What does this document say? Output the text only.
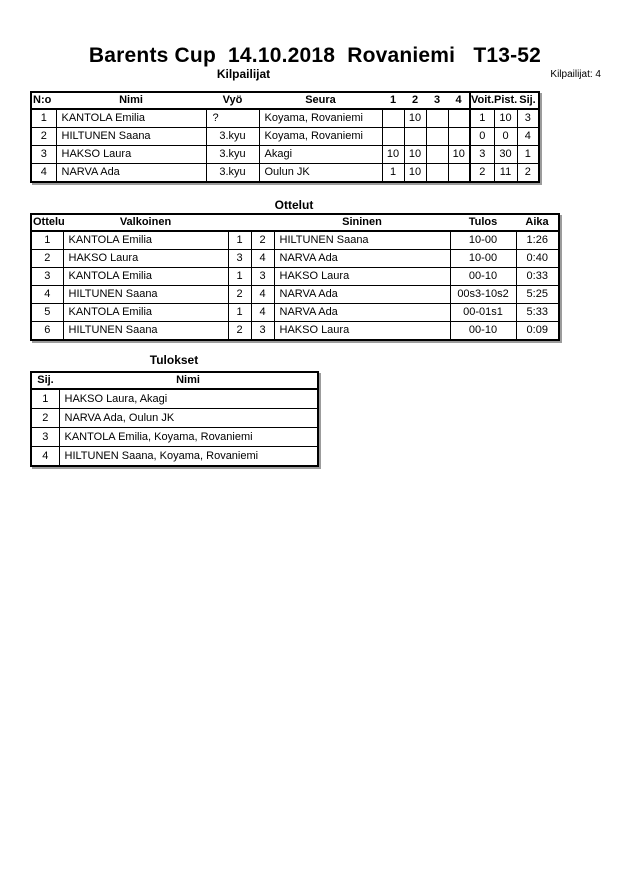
Barents Cup  14.10.2018  Rovaniemi   T13-52
Kilpailijat: 4
Kilpailijat
N:o	Nimi	Vyö	Seura	1	2	3	4	Voit.	Pist.	Sij.
1	KANTOLA Emilia	?	Koyama, Rovaniemi		10			1	10	3
2	HILTUNEN Saana	3.kyu	Koyama, Rovaniemi					0	0	4
3	HAKSO Laura	3.kyu	Akagi	10	10		10	3	30	1
4	NARVA Ada	3.kyu	Oulun JK	1	10			2	11	2
Ottelut
Ottelu	Valkoinen			Sininen	Tulos	Aika
1	KANTOLA Emilia	1	2	HILTUNEN Saana	10-00	1:26
2	HAKSO Laura	3	4	NARVA Ada	10-00	0:40
3	KANTOLA Emilia	1	3	HAKSO Laura	00-10	0:33
4	HILTUNEN Saana	2	4	NARVA Ada	00s3-10s2	5:25
5	KANTOLA Emilia	1	4	NARVA Ada	00-01s1	5:33
6	HILTUNEN Saana	2	3	HAKSO Laura	00-10	0:09
Tulokset
Sij.	Nimi
1	HAKSO Laura, Akagi
2	NARVA Ada, Oulun JK
3	KANTOLA Emilia, Koyama, Rovaniemi
4	HILTUNEN Saana, Koyama, Rovaniemi
